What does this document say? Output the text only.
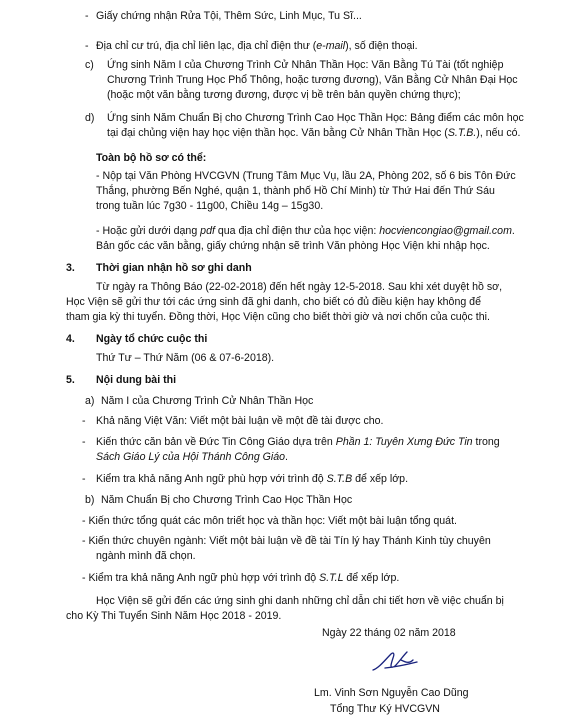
- Giấy chứng nhận Rửa Tội, Thêm Sức, Linh Mục, Tu Sĩ...
- Địa chỉ cư trú, địa chỉ liên lạc, địa chỉ điện thư (e-mail), số điện thoại.
c) Ứng sinh Năm I của Chương Trình Cử Nhân Thần Học: Văn Bằng Tú Tài (tốt nghiệp
Chương Trình Trung Học Phổ Thông, hoặc tương đương), Văn Bằng Cử Nhân Đại Học
(hoặc một văn bằng tương đương, được vị bề trên bản quyền chứng thực);
d) Ứng sinh Năm Chuẩn Bị cho Chương Trình Cao Học Thần Học: Bảng điểm các môn học
tại đại chủng viện hay học viện thần học. Văn bằng Cử Nhân Thần Học (S.T.B.), nếu có.
Toàn bộ hồ sơ có thể:
- Nộp tại Văn Phòng HVCGVN (Trung Tâm Mục Vụ, lầu 2A, Phòng 202, số 6 bis Tôn Đức
Thắng, phường Bến Nghé, quận 1, thành phố Hồ Chí Minh) từ Thứ Hai đến Thứ Sáu
trong tuần lúc 7g30 - 11g00, Chiều 14g – 15g30.
- Hoặc gửi dưới dạng pdf qua địa chỉ điện thư của học viện: hocviencongiao@gmail.com.
Bản gốc các văn bằng, giấy chứng nhận sẽ trình Văn phòng Học Viện khi nhập học.
3. Thời gian nhận hồ sơ ghi danh
Từ ngày ra Thông Báo (22-02-2018) đến hết ngày 12-5-2018. Sau khi xét duyệt hồ sơ,
Học Viện sẽ gửi thư tới các ứng sinh đã ghi danh, cho biết có đủ điều kiện hay không để
tham gia kỳ thi tuyển. Đồng thời, Học Viện cũng cho biết thời giờ và nơi chốn của cuộc thi.
4. Ngày tổ chức cuộc thi
Thứ Tư – Thứ Năm (06 & 07-6-2018).
5. Nội dung bài thi
a) Năm I của Chương Trình Cử Nhân Thần Học
- Khả năng Việt Văn: Viết một bài luận về một đề tài được cho.
- Kiến thức căn bản về Đức Tin Công Giáo dựa trên Phần 1: Tuyên Xưng Đức Tin trong
Sách Giáo Lý của Hội Thánh Công Giáo.
- Kiểm tra khả năng Anh ngữ phù hợp với trình độ S.T.B để xếp lớp.
b) Năm Chuẩn Bị cho Chương Trình Cao Học Thần Học
- Kiến thức tổng quát các môn triết học và thần học: Viết một bài luận tổng quát.
- Kiến thức chuyên ngành: Viết một bài luận về đề tài Tín lý hay Thánh Kinh tùy chuyên
ngành mình đã chọn.
- Kiểm tra khả năng Anh ngữ phù hợp với trình độ S.T.L để xếp lớp.
Học Viện sẽ gửi đến các ứng sinh ghi danh những chỉ dẫn chi tiết hơn về việc chuẩn bị
cho Kỳ Thi Tuyển Sinh Năm Học 2018 - 2019.
Ngày 22 tháng 02 năm 2018
Lm. Vinh Sơn Nguyễn Cao Dũng
Tổng Thư Ký HVCGVN
